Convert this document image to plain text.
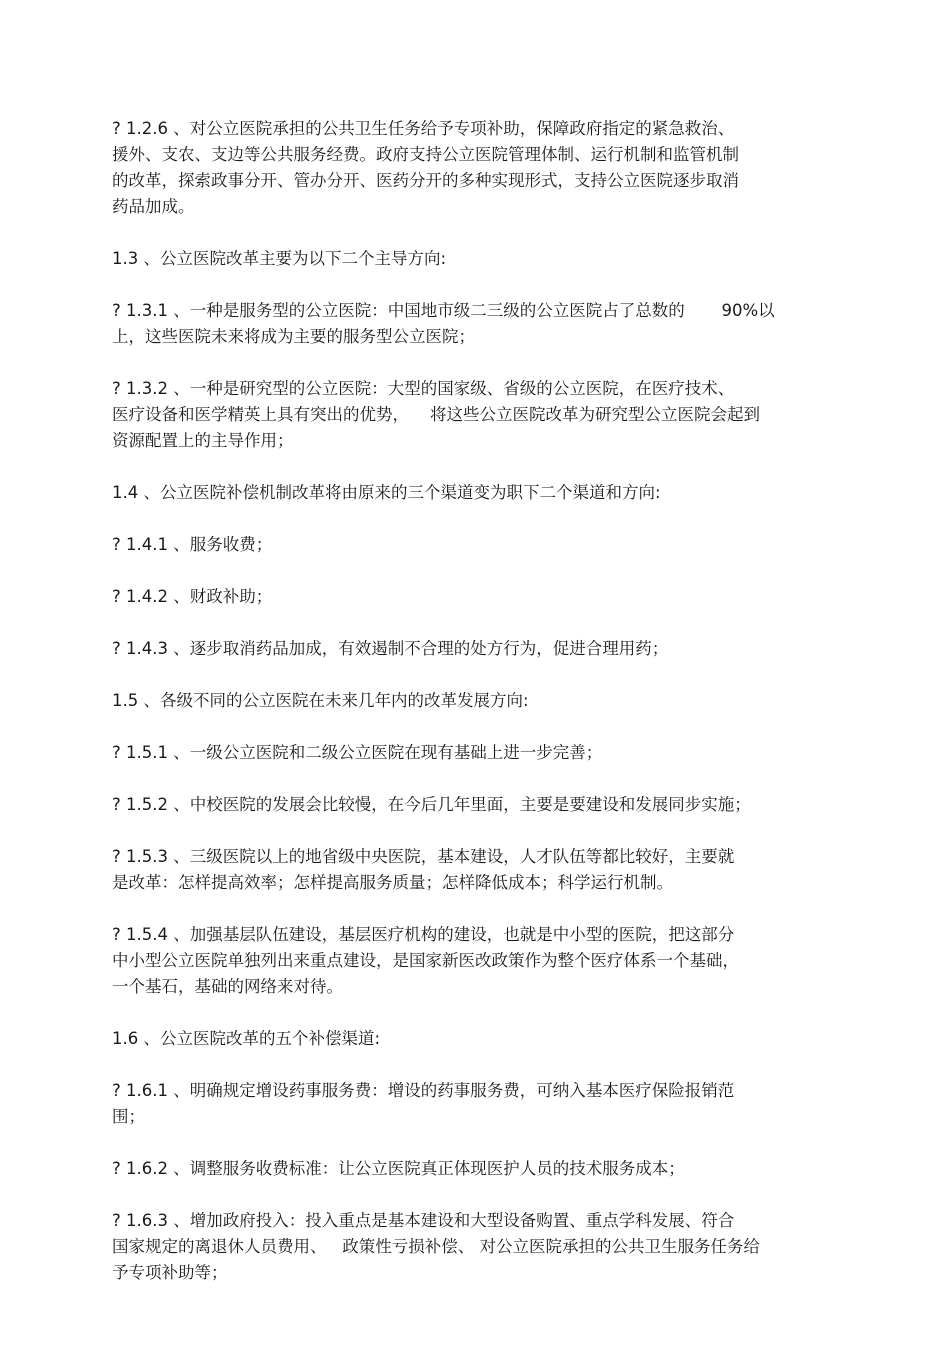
? 1.2.6 、对公立医院承担的公共卫生任务给予专项补助，保障政府指定的紧急救治、
援外、支农、支边等公共服务经费。政府支持公立医院管理体制、运行机制和监管机制
的改革，探索政事分开、管办分开、医药分开的多种实现形式，支持公立医院逐步取消
药品加成。

1.3 、公立医院改革主要为以下二个主导方向:

? 1.3.1 、一种是服务型的公立医院：中国地市级二三级的公立医院占了总数的       90%以
上，这些医院未来将成为主要的服务型公立医院；

? 1.3.2 、一种是研究型的公立医院：大型的国家级、省级的公立医院，在医疗技术、
医疗设备和医学精英上具有突出的优势，    将这些公立医院改革为研究型公立医院会起到
资源配置上的主导作用；

1.4 、公立医院补偿机制改革将由原来的三个渠道变为职下二个渠道和方向:

? 1.4.1 、服务收费；

? 1.4.2 、财政补助；

? 1.4.3 、逐步取消药品加成，有效遏制不合理的处方行为，促进合理用药；

1.5 、各级不同的公立医院在未来几年内的改革发展方向:

? 1.5.1 、一级公立医院和二级公立医院在现有基础上进一步完善；

? 1.5.2 、中校医院的发展会比较慢，在今后几年里面，主要是要建设和发展同步实施；

? 1.5.3 、三级医院以上的地省级中央医院，基本建设，人才队伍等都比较好，主要就
是改革：怎样提高效率；怎样提高服务质量；怎样降低成本；科学运行机制。

? 1.5.4 、加强基层队伍建设，基层医疗机构的建设，也就是中小型的医院，把这部分
中小型公立医院单独列出来重点建设，是国家新医改政策作为整个医疗体系一个基础，
一个基石，基础的网络来对待。

1.6 、公立医院改革的五个补偿渠道:

? 1.6.1 、明确规定增设药事服务费：增设的药事服务费，可纳入基本医疗保险报销范
围；

? 1.6.2 、调整服务收费标准：让公立医院真正体现医护人员的技术服务成本；

? 1.6.3 、增加政府投入：投入重点是基本建设和大型设备购置、重点学科发展、符合
国家规定的离退休人员费用、   政策性亏损补偿、 对公立医院承担的公共卫生服务任务给
予专项补助等；
